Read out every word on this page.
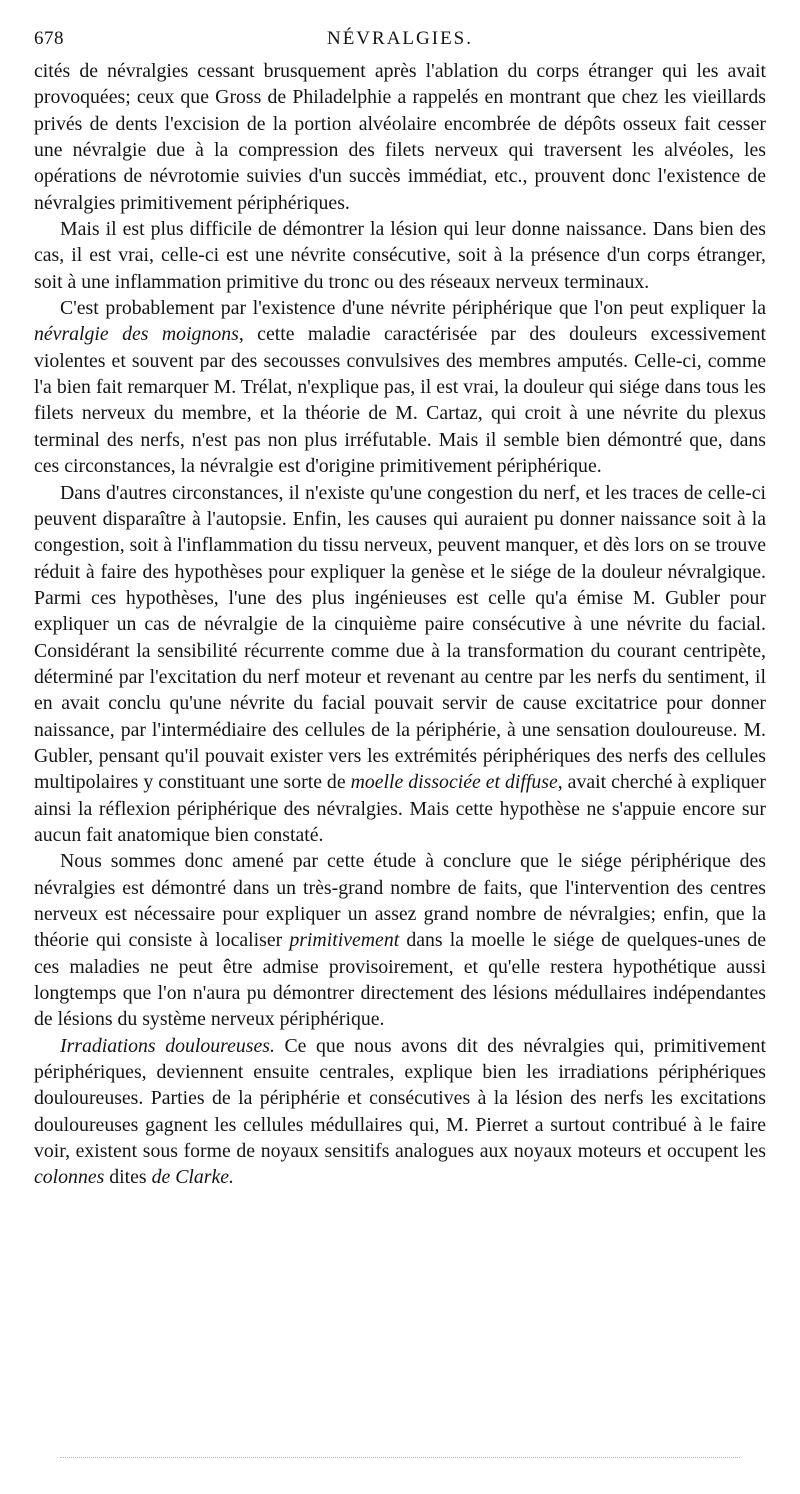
678	NÉVRALGIES.

cités de névralgies cessant brusquement après l'ablation du corps étranger qui les avait provoquées; ceux que Gross de Philadelphie a rappelés en montrant que chez les vieillards privés de dents l'excision de la portion alvéolaire encombrée de dépôts osseux fait cesser une névralgie due à la compression des filets nerveux qui traversent les alvéoles, les opérations de névrotomie suivies d'un succès immédiat, etc., prouvent donc l'existence de névralgies primitivement périphériques.

Mais il est plus difficile de démontrer la lésion qui leur donne naissance. Dans bien des cas, il est vrai, celle-ci est une névrite consécutive, soit à la présence d'un corps étranger, soit à une inflammation primitive du tronc ou des réseaux nerveux terminaux.

C'est probablement par l'existence d'une névrite périphérique que l'on peut expliquer la névralgie des moignons, cette maladie caractérisée par des douleurs excessivement violentes et souvent par des secousses convulsives des membres amputés. Celle-ci, comme l'a bien fait remarquer M. Trélat, n'explique pas, il est vrai, la douleur qui siége dans tous les filets nerveux du membre, et la théorie de M. Cartaz, qui croit à une névrite du plexus terminal des nerfs, n'est pas non plus irréfutable. Mais il semble bien démontré que, dans ces circonstances, la névralgie est d'origine primitivement périphérique.

Dans d'autres circonstances, il n'existe qu'une congestion du nerf, et les traces de celle-ci peuvent disparaître à l'autopsie. Enfin, les causes qui auraient pu donner naissance soit à la congestion, soit à l'inflammation du tissu nerveux, peuvent manquer, et dès lors on se trouve réduit à faire des hypothèses pour expliquer la genèse et le siége de la douleur névralgique. Parmi ces hypothèses, l'une des plus ingénieuses est celle qu'a émise M. Gubler pour expliquer un cas de névralgie de la cinquième paire consécutive à une névrite du facial. Considérant la sensibilité récurrente comme due à la transformation du courant centripète, déterminé par l'excitation du nerf moteur et revenant au centre par les nerfs du sentiment, il en avait conclu qu'une névrite du facial pouvait servir de cause excitatrice pour donner naissance, par l'intermédiaire des cellules de la périphérie, à une sensation douloureuse. M. Gubler, pensant qu'il pouvait exister vers les extrémités périphériques des nerfs des cellules multipolaires y constituant une sorte de moelle dissociée et diffuse, avait cherché à expliquer ainsi la réflexion périphérique des névralgies. Mais cette hypothèse ne s'appuie encore sur aucun fait anatomique bien constaté.

Nous sommes donc amené par cette étude à conclure que le siége périphérique des névralgies est démontré dans un très-grand nombre de faits, que l'intervention des centres nerveux est nécessaire pour expliquer un assez grand nombre de névralgies; enfin, que la théorie qui consiste à localiser primitivement dans la moelle le siége de quelques-unes de ces maladies ne peut être admise provisoirement, et qu'elle restera hypothétique aussi longtemps que l'on n'aura pu démontrer directement des lésions médullaires indépendantes de lésions du système nerveux périphérique.

Irradiations douloureuses. Ce que nous avons dit des névralgies qui, primitivement périphériques, deviennent ensuite centrales, explique bien les irradiations périphériques douloureuses. Parties de la périphérie et consécutives à la lésion des nerfs les excitations douloureuses gagnent les cellules médullaires qui, M. Pierret a surtout contribué à le faire voir, existent sous forme de noyaux sensitifs analogues aux noyaux moteurs et occupent les colonnes dites de Clarke.
